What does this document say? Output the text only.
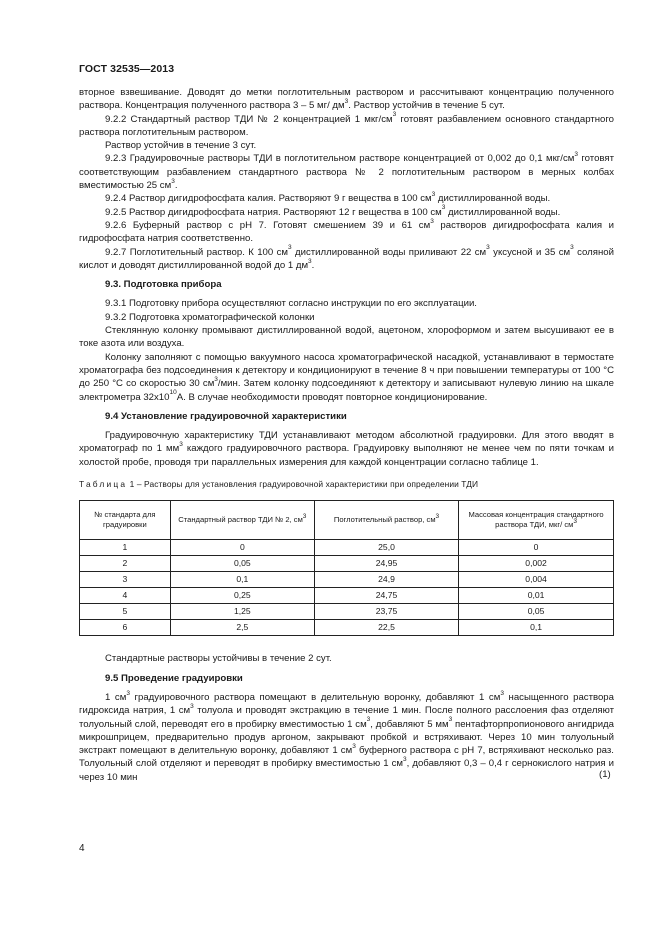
ГОСТ 32535—2013

вторное взвешивание. Доводят до метки поглотительным раствором и рассчитывают концентрацию полученного раствора. Концентрация полученного раствора 3 – 5 мг/ $дм^3$. Раствор устойчив в течение 5 сут.

9.2.2 Стандартный раствор ТДИ № 2 концентрацией 1 мкг/$см^3$ готовят разбавлением основного стандартного раствора поглотительным раствором.

Раствор устойчив в течение 3 сут.

9.2.3 Градуировочные растворы ТДИ в поглотительном растворе концентрацией от 0,002 до 0,1 мкг/$см^3$ готовят соответствующим разбавлением стандартного раствора № 2 поглотительным раствором в мерных колбах вместимостью 25 $см^3$.

9.2.4 Раствор дигидрофосфата калия. Растворяют 9 г вещества в 100 $см^3$ дистиллированной воды.

9.2.5 Раствор дигидрофосфата натрия. Растворяют 12 г вещества в 100 $см^3$ дистиллированной воды.

9.2.6 Буферный раствор с рН 7. Готовят смешением 39 и 61 $см^3$ растворов дигидрофосфата калия и гидрофосфата натрия соответственно.

9.2.7 Поглотительный раствор. К 100 $см^3$ дистиллированной воды приливают 22 $см^3$ уксусной и 35 $см^3$ соляной кислот и доводят дистиллированной водой до 1 $дм^3$.

9.3. Подготовка прибора

9.3.1 Подготовку прибора осуществляют согласно инструкции по его эксплуатации.

9.3.2 Подготовка хроматографической колонки

Стеклянную колонку промывают дистиллированной водой, ацетоном, хлороформом и затем высушивают ее в токе азота или воздуха.

Колонку заполняют с помощью вакуумного насоса хроматографической насадкой, устанавливают в термостате хроматографа без подсоединения к детектору и кондиционируют в течение 8 ч при повышении температуры от 100 °С до 250 °С со скоростью 30 $см^3$/мин. Затем колонку подсоединяют к детектору и записывают нулевую линию на шкале электрометра $32х10^{10}А$. В случае необходимости проводят повторное кондиционирование.

9.4 Установление градуировочной характеристики

Градуировочную характеристику ТДИ устанавливают методом абсолютной градуировки. Для этого вводят в хроматограф по 1 $мм^3$ каждого градуировочного раствора. Градуировку выполняют не менее чем по пяти точкам и холостой пробе, проводя три параллельных измерения для каждой концентрации согласно таблице 1.

Таблица 1 – Растворы для установления градуировочной характеристики при определении ТДИ
№ стандарта для градуировки	Стандартный раствор ТДИ № 2, $см^3$	Поглотительный раствор, $см^3$	Массовая концентрация стандартного раствора ТДИ, мкг/ $см^3$
1	0	25,0	0
2	0,05	24,95	0,002
3	0,1	24,9	0,004
4	0,25	24,75	0,01
5	1,25	23,75	0,05
6	2,5	22,5	0,1

Стандартные растворы устойчивы в течение 2 сут.

9.5 Проведение градуировки

1 $см^3$ градуировочного раствора помещают в делительную воронку, добавляют 1 $см^3$ насыщенного раствора гидроксида натрия, 1 $см^3$ толуола и проводят экстракцию в течение 1 мин. После полного расслоения фаз отделяют толуольный слой, переводят его в пробирку вместимостью 1 $см^3$, добавляют 5 $мм^3$ пентафторпропионового ангидрида микрошприцем, предварительно продув аргоном, закрывают пробкой и встряхивают. Через 10 мин толуольный экстракт помещают в делительную воронку, добавляют 1 $см^3$ буферного раствора с рН 7, встряхивают несколько раз. Толуольный слой отделяют и переводят в пробирку вместимостью 1 $см^3$, добавляют 0,3 – 0,4 г сернокислого натрия и через 10 мин	(1)
4
